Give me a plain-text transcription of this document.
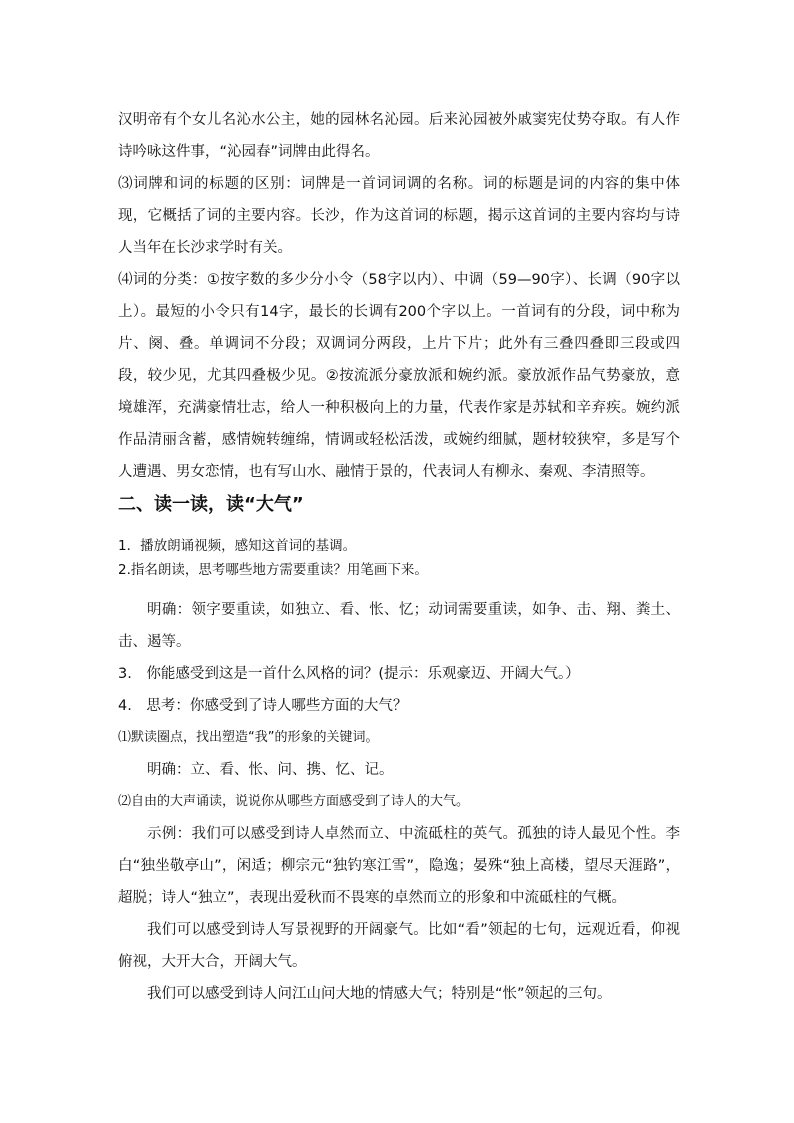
汉明帝有个女儿名沁水公主，她的园林名沁园。后来沁园被外戚窦宪仗势夺取。有人作诗吟咏这件事，“沁园春”词牌由此得名。

⑶词牌和词的标题的区别：词牌是一首词词调的名称。词的标题是词的内容的集中体现，它概括了词的主要内容。长沙，作为这首词的标题，揭示这首词的主要内容均与诗人当年在长沙求学时有关。

⑷词的分类：①按字数的多少分小令（58字以内）、中调（59—90字）、长调（90字以上）。最短的小令只有14字，最长的长调有200个字以上。一首词有的分段，词中称为片、阕、叠。单调词不分段；双调词分两段，上片下片；此外有三叠四叠即三段或四段，较少见，尤其四叠极少见。②按流派分豪放派和婉约派。豪放派作品气势豪放，意境雄浑，充满豪情壮志，给人一种积极向上的力量，代表作家是苏轼和辛弃疾。婉约派作品清丽含蓄，感情婉转缠绵，情调或轻松活泼，或婉约细腻，题材较狭窄，多是写个人遭遇、男女恋情，也有写山水、融情于景的，代表词人有柳永、秦观、李清照等。

二、读一读，读“大气”

1．播放朗诵视频，感知这首词的基调。

2.指名朗读，思考哪些地方需要重读？用笔画下来。

明确：领字要重读，如独立、看、怅、忆；动词需要重读，如争、击、翔、粪土、击、遏等。

3.　你能感受到这是一首什么风格的词？(提示：乐观豪迈、开阔大气。）

4.　思考：你感受到了诗人哪些方面的大气？

⑴默读圈点，找出塑造“我”的形象的关键词。

明确：立、看、怅、问、携、忆、记。

⑵自由的大声诵读，说说你从哪些方面感受到了诗人的大气。

示例：我们可以感受到诗人卓然而立、中流砥柱的英气。孤独的诗人最见个性。李白“独坐敬亭山”，闲适；柳宗元“独钓寒江雪”，隐逸；晏殊“独上高楼，望尽天涯路”，超脱；诗人“独立”，表现出爱秋而不畏寒的卓然而立的形象和中流砥柱的气概。

我们可以感受到诗人写景视野的开阔豪气。比如“看”领起的七句，远观近看，仰视俯视，大开大合，开阔大气。

我们可以感受到诗人问江山问大地的情感大气；特别是“怅”领起的三句。
